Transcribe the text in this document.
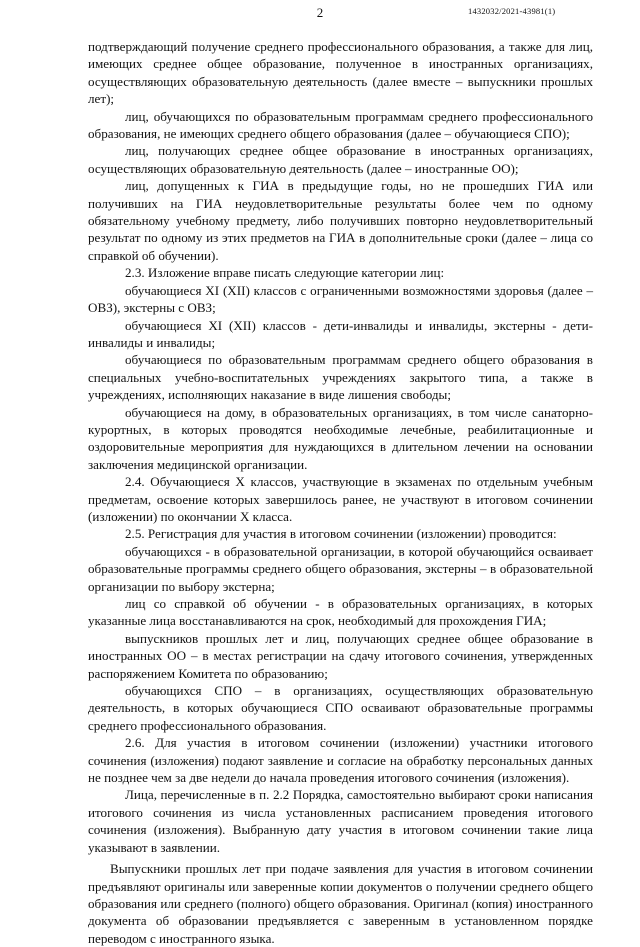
2	1432032/2021-43981(1)

подтверждающий получение среднего профессионального образования, а также для лиц, имеющих среднее общее образование, полученное в иностранных организациях, осуществляющих образовательную деятельность (далее вместе – выпускники прошлых лет);

лиц, обучающихся по образовательным программам среднего профессионального образования, не имеющих среднего общего образования (далее – обучающиеся СПО);

лиц, получающих среднее общее образование в иностранных организациях, осуществляющих образовательную деятельность (далее – иностранные ОО);

лиц, допущенных к ГИА в предыдущие годы, но не прошедших ГИА или получивших на ГИА неудовлетворительные результаты более чем по одному обязательному учебному предмету, либо получивших повторно неудовлетворительный результат по одному из этих предметов на ГИА в дополнительные сроки (далее – лица со справкой об обучении).

2.3. Изложение вправе писать следующие категории лиц:

обучающиеся XI (XII) классов с ограниченными возможностями здоровья (далее – ОВЗ), экстерны с ОВЗ;

обучающиеся XI (XII) классов - дети-инвалиды и инвалиды, экстерны - дети-инвалиды и инвалиды;

обучающиеся по образовательным программам среднего общего образования в специальных учебно-воспитательных учреждениях закрытого типа, а также в учреждениях, исполняющих наказание в виде лишения свободы;

обучающиеся на дому, в образовательных организациях, в том числе санаторно-курортных, в которых проводятся необходимые лечебные, реабилитационные и оздоровительные мероприятия для нуждающихся в длительном лечении на основании заключения медицинской организации.

2.4. Обучающиеся X классов, участвующие в экзаменах по отдельным учебным предметам, освоение которых завершилось ранее, не участвуют в итоговом сочинении (изложении) по окончании X класса.

2.5. Регистрация для участия в итоговом сочинении (изложении) проводится:

обучающихся - в образовательной организации, в которой обучающийся осваивает образовательные программы среднего общего образования, экстерны – в образовательной организации по выбору экстерна;

лиц со справкой об обучении - в образовательных организациях, в которых указанные лица восстанавливаются на срок, необходимый для прохождения ГИА;

выпускников прошлых лет и лиц, получающих среднее общее образование в иностранных ОО – в местах регистрации на сдачу итогового сочинения, утвержденных распоряжением Комитета по образованию;

обучающихся СПО – в организациях, осуществляющих образовательную деятельность, в которых обучающиеся СПО осваивают образовательные программы среднего профессионального образования.

2.6. Для участия в итоговом сочинении (изложении) участники итогового сочинения (изложения) подают заявление и согласие на обработку персональных данных не позднее чем за две недели до начала проведения итогового сочинения (изложения).

Лица, перечисленные в п. 2.2 Порядка, самостоятельно выбирают сроки написания итогового сочинения из числа установленных расписанием проведения итогового сочинения (изложения). Выбранную дату участия в итоговом сочинении такие лица указывают в заявлении.

Выпускники прошлых лет при подаче заявления для участия в итоговом сочинении предъявляют оригиналы или заверенные копии документов о получении среднего общего образования или среднего (полного) общего образования. Оригинал (копия) иностранного документа об образовании предъявляется с заверенным в установленном порядке переводом с иностранного языка.
